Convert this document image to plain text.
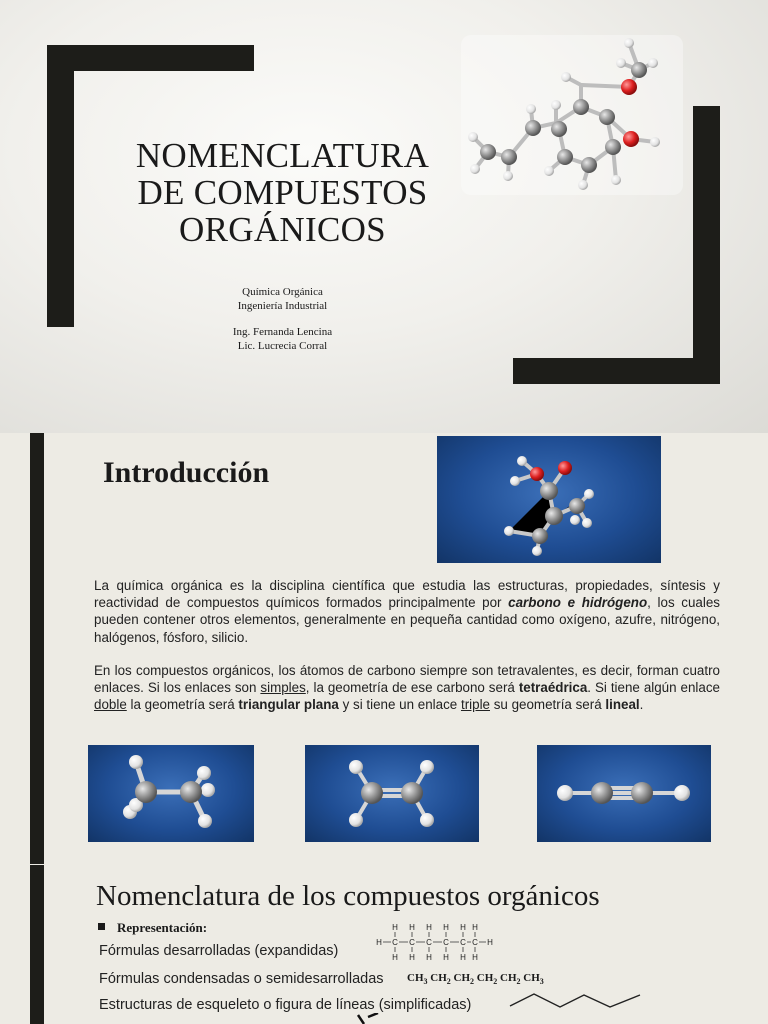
NOMENCLATURA
DE COMPUESTOS
ORGÁNICOS
Química Orgánica
Ingeniería Industrial
Ing. Fernanda Lencina
Lic. Lucrecia Corral
Introducción

La química orgánica es la disciplina científica que estudia las estructuras, propiedades, síntesis y reactividad de compuestos químicos formados principalmente por carbono e hidrógeno, los cuales pueden contener otros elementos, generalmente en pequeña cantidad como oxígeno, azufre, nitrógeno, halógenos, fósforo, silicio.

En los compuestos orgánicos, los átomos de carbono siempre son tetravalentes, es decir, forman cuatro enlaces. Si los enlaces son simples, la geometría de ese carbono será tetraédrica. Si tiene algún enlace doble la geometría será triangular plana y si tiene un enlace triple su geometría será lineal.

Nomenclatura de los compuestos orgánicos
Representación:
Fórmulas desarrolladas (expandidas)
Fórmulas condensadas o semidesarrolladas
Estructuras de esqueleto o figura de líneas (simplificadas)
H
H
C
H
H
C
H
H
C
H
H
C
H
H
C
H
H
C
H
H
$CH_3$ $CH_2$ $CH_2$ $CH_2$ $CH_2$ $CH_3$
